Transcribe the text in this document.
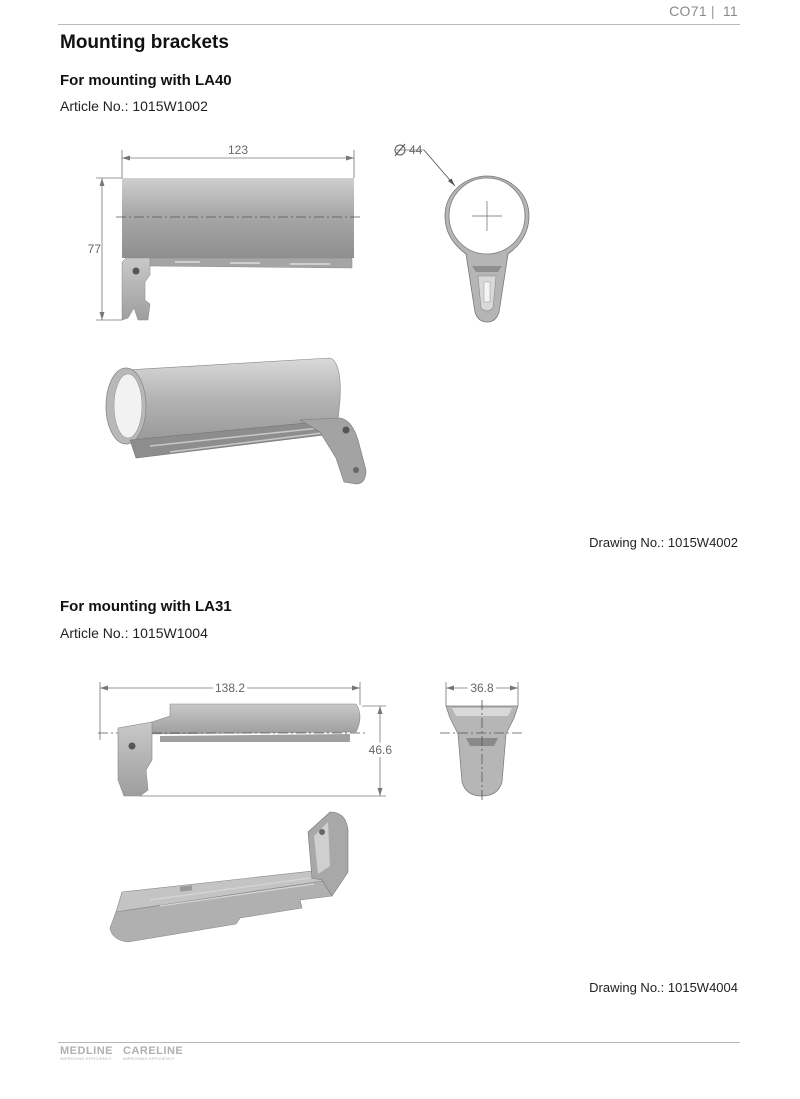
CO71 | 11
Mounting brackets
For mounting with LA40
Article No.: 1015W1002
123
77
44
138.2
46.6
36.8
Drawing No.: 1015W4002
For mounting with LA31
Article No.: 1015W1004
Drawing No.: 1015W4004
MEDLINE
IMPROVING EFFICIENCY
CARELINE
IMPROVING EFFICIENCY
